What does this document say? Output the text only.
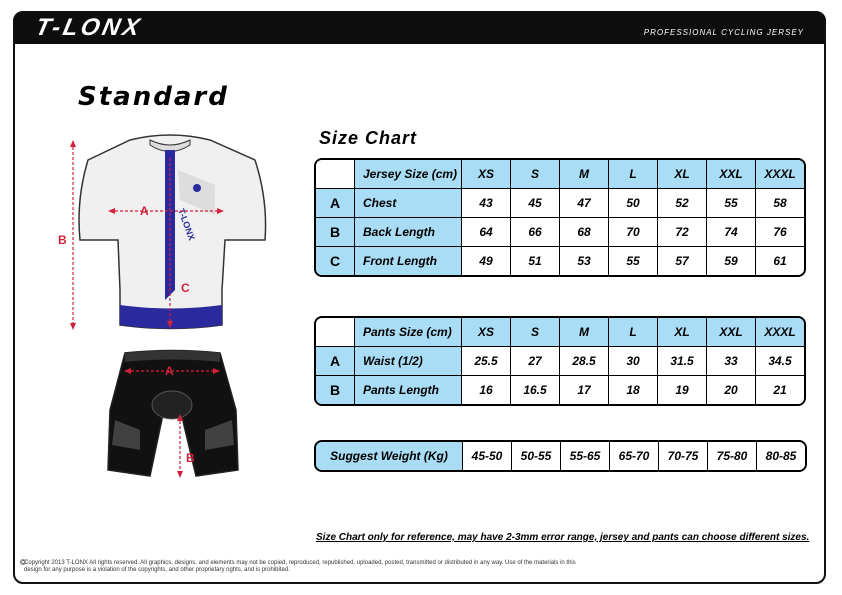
T-LONX	PROFESSIONAL CYCLING JERSEY
Standard
Size Chart
T-LONX
B
A
C
A
B
	Jersey Size (cm)	XS	S	M	L	XL	XXL	XXXL
A	Chest	43	45	47	50	52	55	58
B	Back Length	64	66	68	70	72	74	76
C	Front Length	49	51	53	55	57	59	61
	Pants Size (cm)	XS	S	M	L	XL	XXL	XXXL
A	Waist (1/2)	25.5	27	28.5	30	31.5	33	34.5
B	Pants Length	16	16.5	17	18	19	20	21
Suggest Weight (Kg)	45-50	50-55	55-65	65-70	70-75	75-80	80-85
Size Chart only for reference, may have 2-3mm error range, jersey and pants can choose different sizes.
©
Copyright 2013 T-LONX All rights reserved. All graphics, designs, and elements may not be copied, reproduced, republished, uploaded, posted, transmitted or distributed in any way. Use of the materials in this design for any purpose is a violation of the copyrights, and other proprietary rights, and is prohibited.
